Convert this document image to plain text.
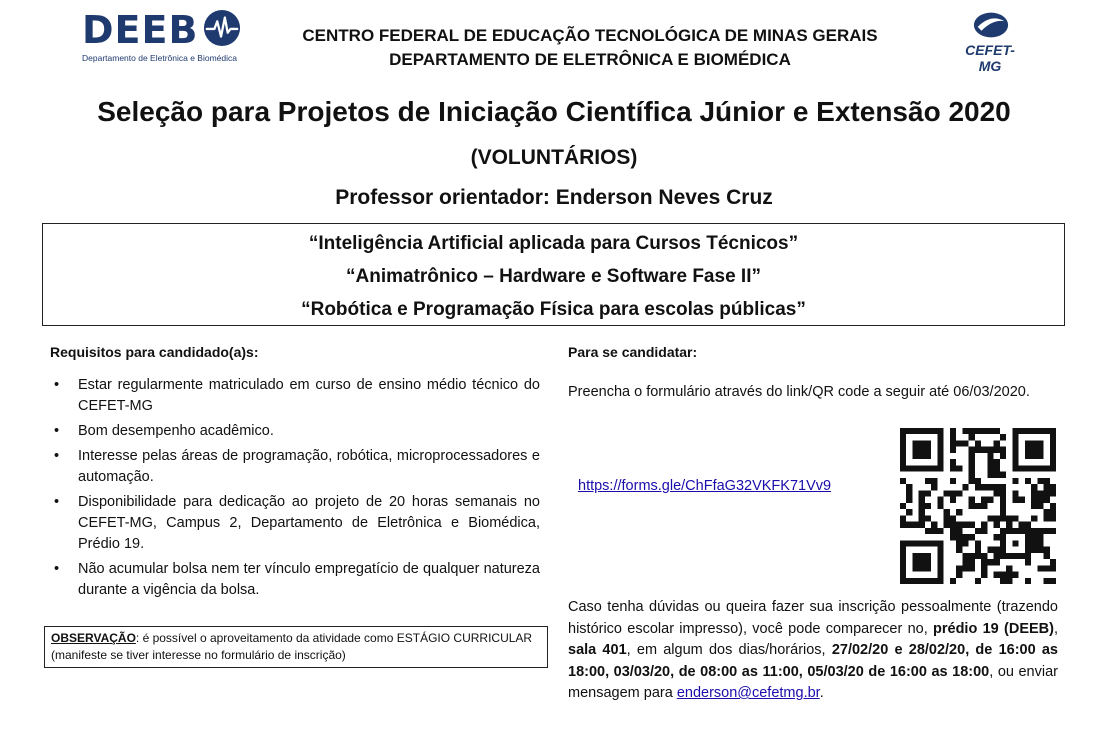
DEEB
Departamento de Eletrônica e Biomédica
CENTRO FEDERAL DE EDUCAÇÃO TECNOLÓGICA DE MINAS GERAIS
DEPARTAMENTO DE ELETRÔNICA E BIOMÉDICA	CEFET-MG
Seleção para Projetos de Iniciação Científica Júnior e Extensão 2020
(VOLUNTÁRIOS)
Professor orientador: Enderson Neves Cruz
“Inteligência Artificial aplicada para Cursos Técnicos”
“Animatrônico – Hardware e Software Fase II”
“Robótica e Programação Física para escolas públicas”
Requisitos para candidado(a)s:
• Estar regularmente matriculado em curso de ensino médio técnico do CEFET-MG
• Bom desempenho acadêmico.
• Interesse pelas áreas de programação, robótica, microprocessadores e automação.
• Disponibilidade para dedicação ao projeto de 20 horas semanais no CEFET-MG, Campus 2, Departamento de Eletrônica e Biomédica, Prédio 19.
• Não acumular bolsa nem ter vínculo empregatício de qualquer natureza durante a vigência da bolsa.
OBSERVAÇÃO: é possível o aproveitamento da atividade como ESTÁGIO CURRICULAR (manifeste se tiver interesse no formulário de inscrição)
Para se candidatar:
Preencha o formulário através do link/QR code a seguir até 06/03/2020.
https://forms.gle/ChFfaG32VKFK71Vv9
Caso tenha dúvidas ou queira fazer sua inscrição pessoalmente (trazendo histórico escolar impresso), você pode comparecer no, prédio 19 (DEEB), sala 401, em algum dos dias/horários, 27/02/20 e 28/02/20, de 16:00 as 18:00, 03/03/20, de 08:00 as 11:00, 05/03/20 de 16:00 as 18:00, ou enviar mensagem para enderson@cefetmg.br.
